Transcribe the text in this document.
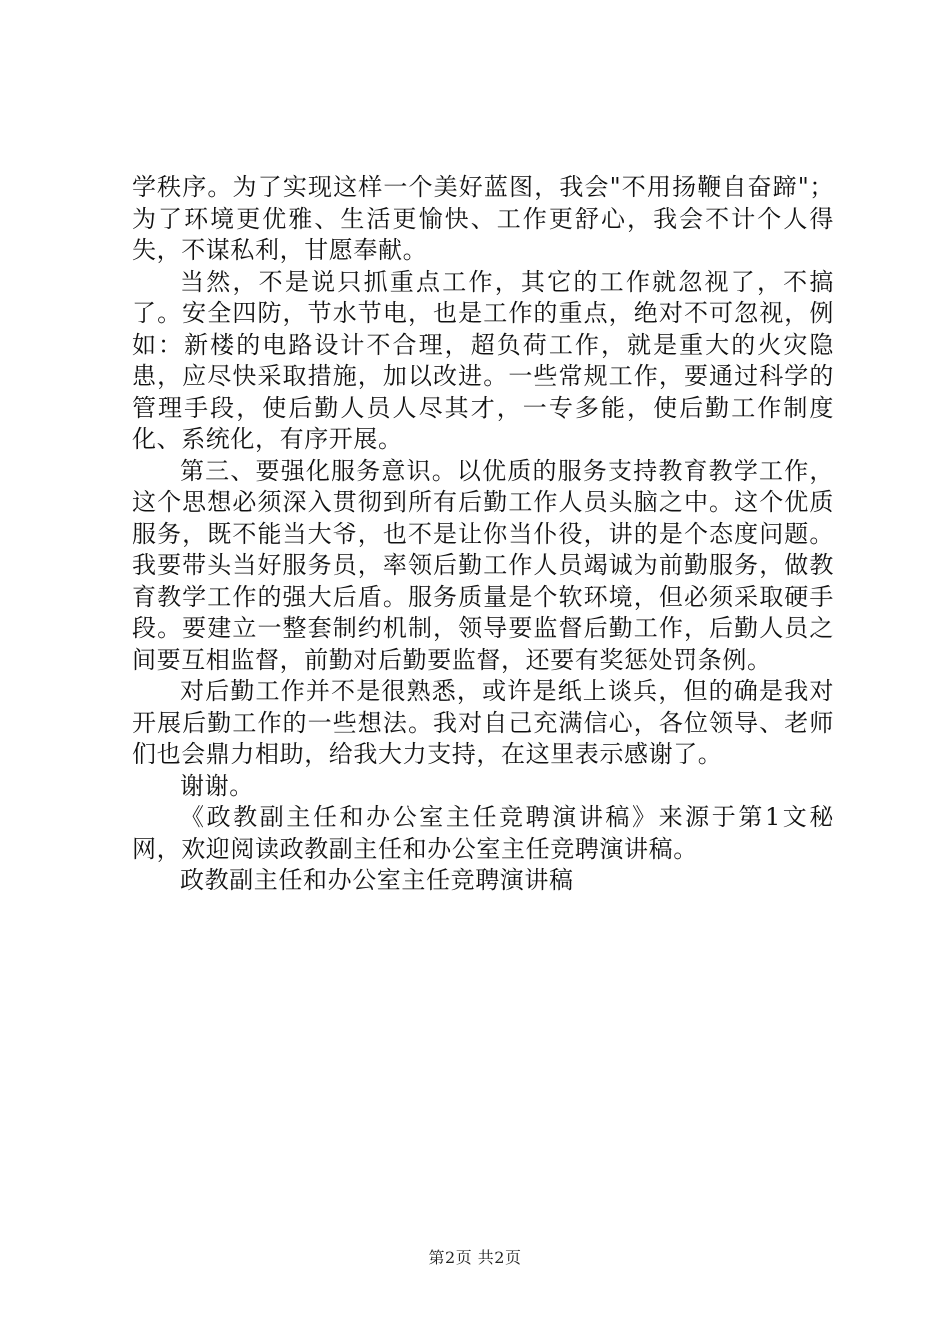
学秩序。为了实现这样一个美好蓝图，我会"不用扬鞭自奋蹄"；为了环境更优雅、生活更愉快、工作更舒心，我会不计个人得失，不谋私利，甘愿奉献。

当然，不是说只抓重点工作，其它的工作就忽视了，不搞了。安全四防，节水节电，也是工作的重点，绝对不可忽视，例如：新楼的电路设计不合理，超负荷工作，就是重大的火灾隐患，应尽快采取措施，加以改进。一些常规工作，要通过科学的管理手段，使后勤人员人尽其才，一专多能，使后勤工作制度化、系统化，有序开展。

第三、要强化服务意识。以优质的服务支持教育教学工作，这个思想必须深入贯彻到所有后勤工作人员头脑之中。这个优质服务，既不能当大爷，也不是让你当仆役，讲的是个态度问题。我要带头当好服务员，率领后勤工作人员竭诚为前勤服务，做教育教学工作的强大后盾。服务质量是个软环境，但必须采取硬手段。要建立一整套制约机制，领导要监督后勤工作，后勤人员之间要互相监督，前勤对后勤要监督，还要有奖惩处罚条例。

对后勤工作并不是很熟悉，或许是纸上谈兵，但的确是我对开展后勤工作的一些想法。我对自己充满信心，各位领导、老师们也会鼎力相助，给我大力支持，在这里表示感谢了。

谢谢。

《政教副主任和办公室主任竞聘演讲稿》来源于第1文秘网，欢迎阅读政教副主任和办公室主任竞聘演讲稿。

政教副主任和办公室主任竞聘演讲稿

第2页 共2页
